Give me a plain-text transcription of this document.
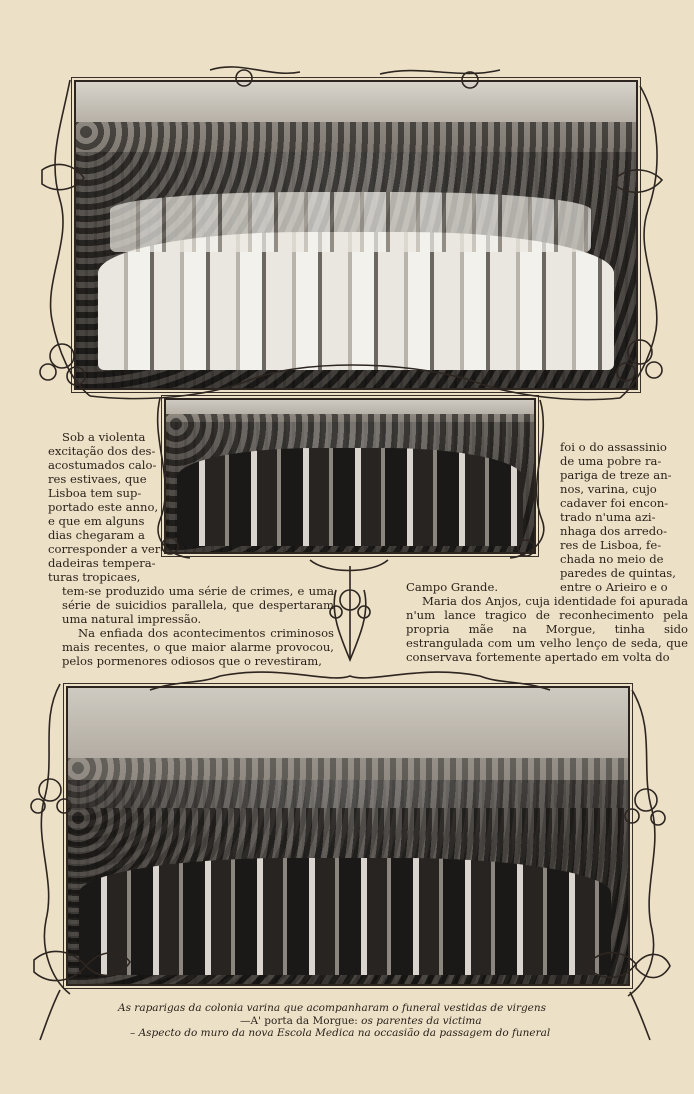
Sob a violenta
excitação dos des-
acostumados calo-
res estivaes, que
Lisboa tem sup-
portado este anno,
e que em alguns
dias chegaram a
corresponder a ver-
dadeiras tempera-
turas tropicaes,

tem-se produzido uma série de crimes, e uma série de suicidios parallela, que despertaram uma natural impressão.

Na enfiada dos acontecimentos criminosos mais recentes, o que maior alarme provocou, pelos pormenores odiosos que o revestiram,

foi o do assassinio
de uma pobre ra-
pariga de treze an-
nos, varina, cujo
cadaver foi encon-
trado n'uma azi-
nhaga dos arredo-
res de Lisboa, fe-
chada no meio de
paredes de quintas,
entre o Arieiro e o

Campo Grande.

Maria dos Anjos, cuja identidade foi apurada n'um lance tragico de reconhecimento pela propria mãe na Morgue, tinha sido estrangulada com um velho lenço de seda, que conservava fortemente apertado em volta do

As raparigas da colonia varina que acompanharam o funeral vestidas de virgens
—A' porta da Morgue: os parentes da victima
– Aspecto do muro da nova Escola Medica na occasião da passagem do funeral
